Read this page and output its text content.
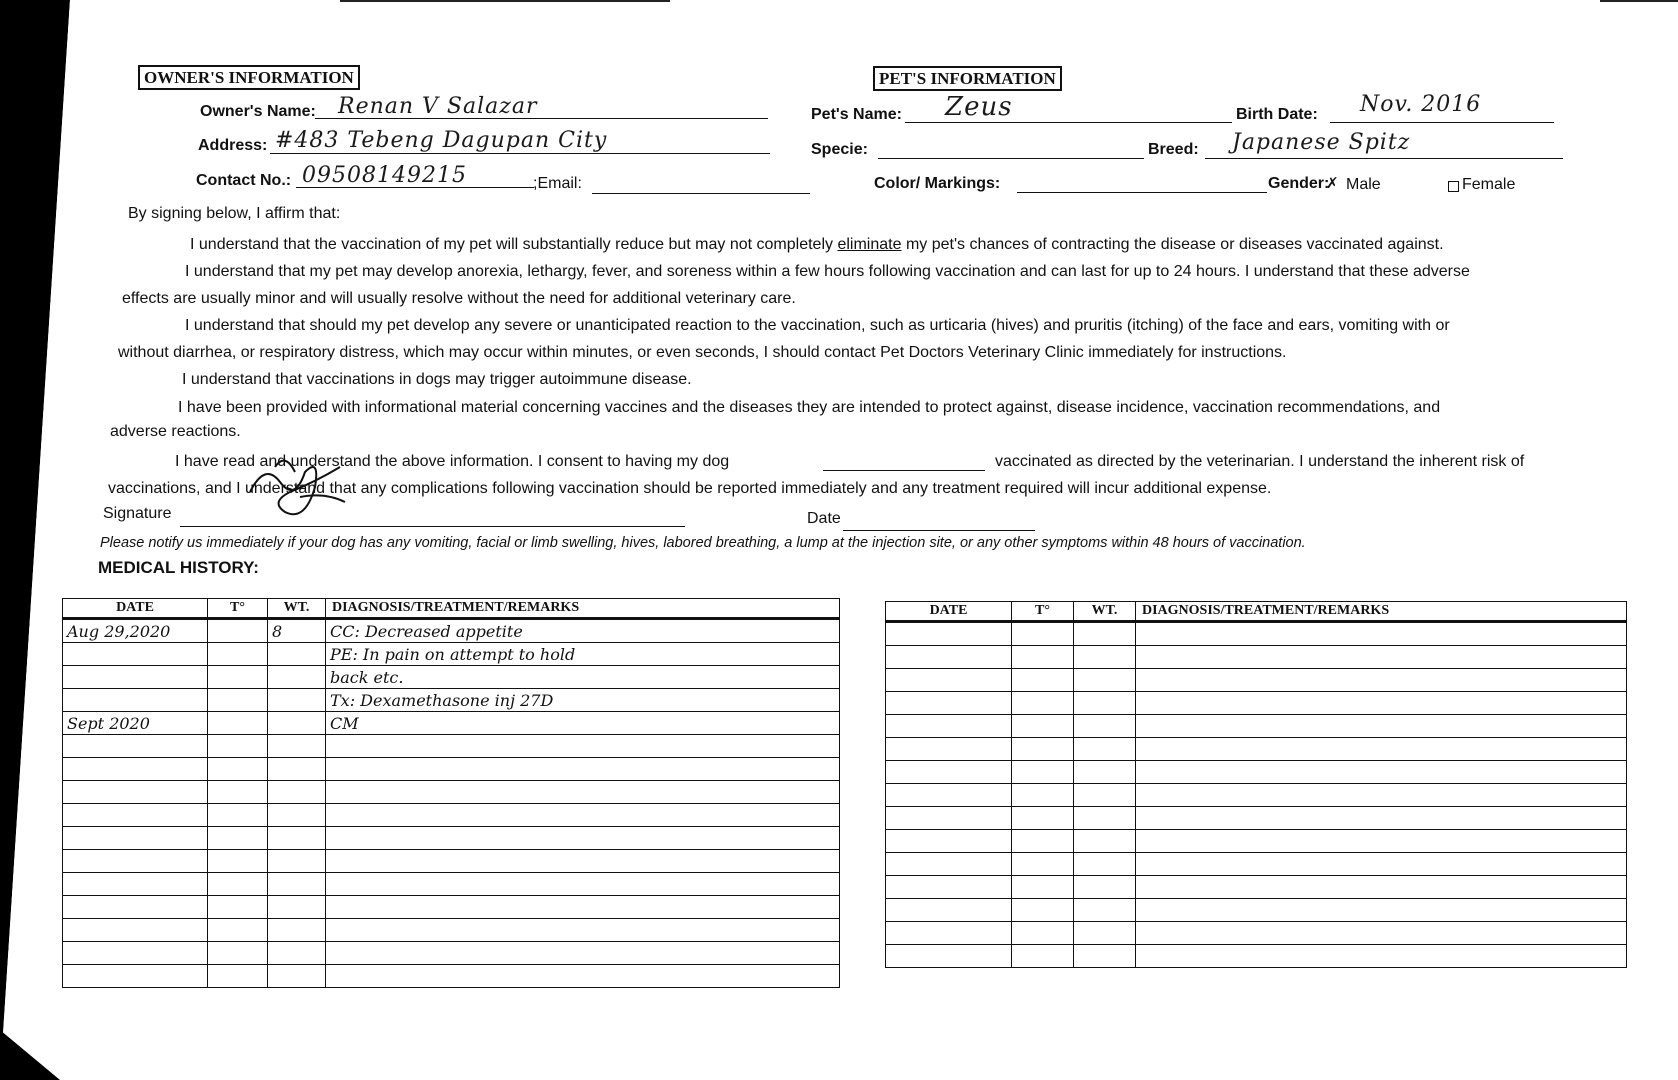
OWNER'S INFORMATION
Owner's Name: Renan V Salazar
Address: #483 Tebeng Dagupan City
Contact No.: 09508149215	;Email:
PET'S INFORMATION
Pet's Name: Zeus	Birth Date: Nov. 2016
Specie:	Breed: Japanese Spitz
Color/ Markings:	Gender:
✗ Male	Female
By signing below, I affirm that:
I understand that the vaccination of my pet will substantially reduce but may not completely eliminate my pet's chances of contracting the disease or diseases vaccinated against.
I understand that my pet may develop anorexia, lethargy, fever, and soreness within a few hours following vaccination and can last for up to 24 hours. I understand that these adverse
effects are usually minor and will usually resolve without the need for additional veterinary care.
I understand that should my pet develop any severe or unanticipated reaction to the vaccination, such as urticaria (hives) and pruritis (itching) of the face and ears, vomiting with or
without diarrhea, or respiratory distress, which may occur within minutes, or even seconds, I should contact Pet Doctors Veterinary Clinic immediately for instructions.
I understand that vaccinations in dogs may trigger autoimmune disease.
I have been provided with informational material concerning vaccines and the diseases they are intended to protect against, disease incidence, vaccination recommendations, and
adverse reactions.
I have read and understand the above information. I consent to having my dog	vaccinated as directed by the veterinarian. I understand the inherent risk of
vaccinations, and I understand that any complications following vaccination should be reported immediately and any treatment required will incur additional expense.
Signature	Date
Please notify us immediately if your dog has any vomiting, facial or limb swelling, hives, labored breathing, a lump at the injection site, or any other symptoms within 48 hours of vaccination.
MEDICAL HISTORY:
DATE	T°	WT.	DIAGNOSIS/TREATMENT/REMARKS
Aug 29,2020		8	CC: Decreased appetite
			PE: In pain on attempt to hold
			back etc.
			Tx: Dexamethasone inj 27D
Sept 2020			CM

DATE	T°	WT.	DIAGNOSIS/TREATMENT/REMARKS
